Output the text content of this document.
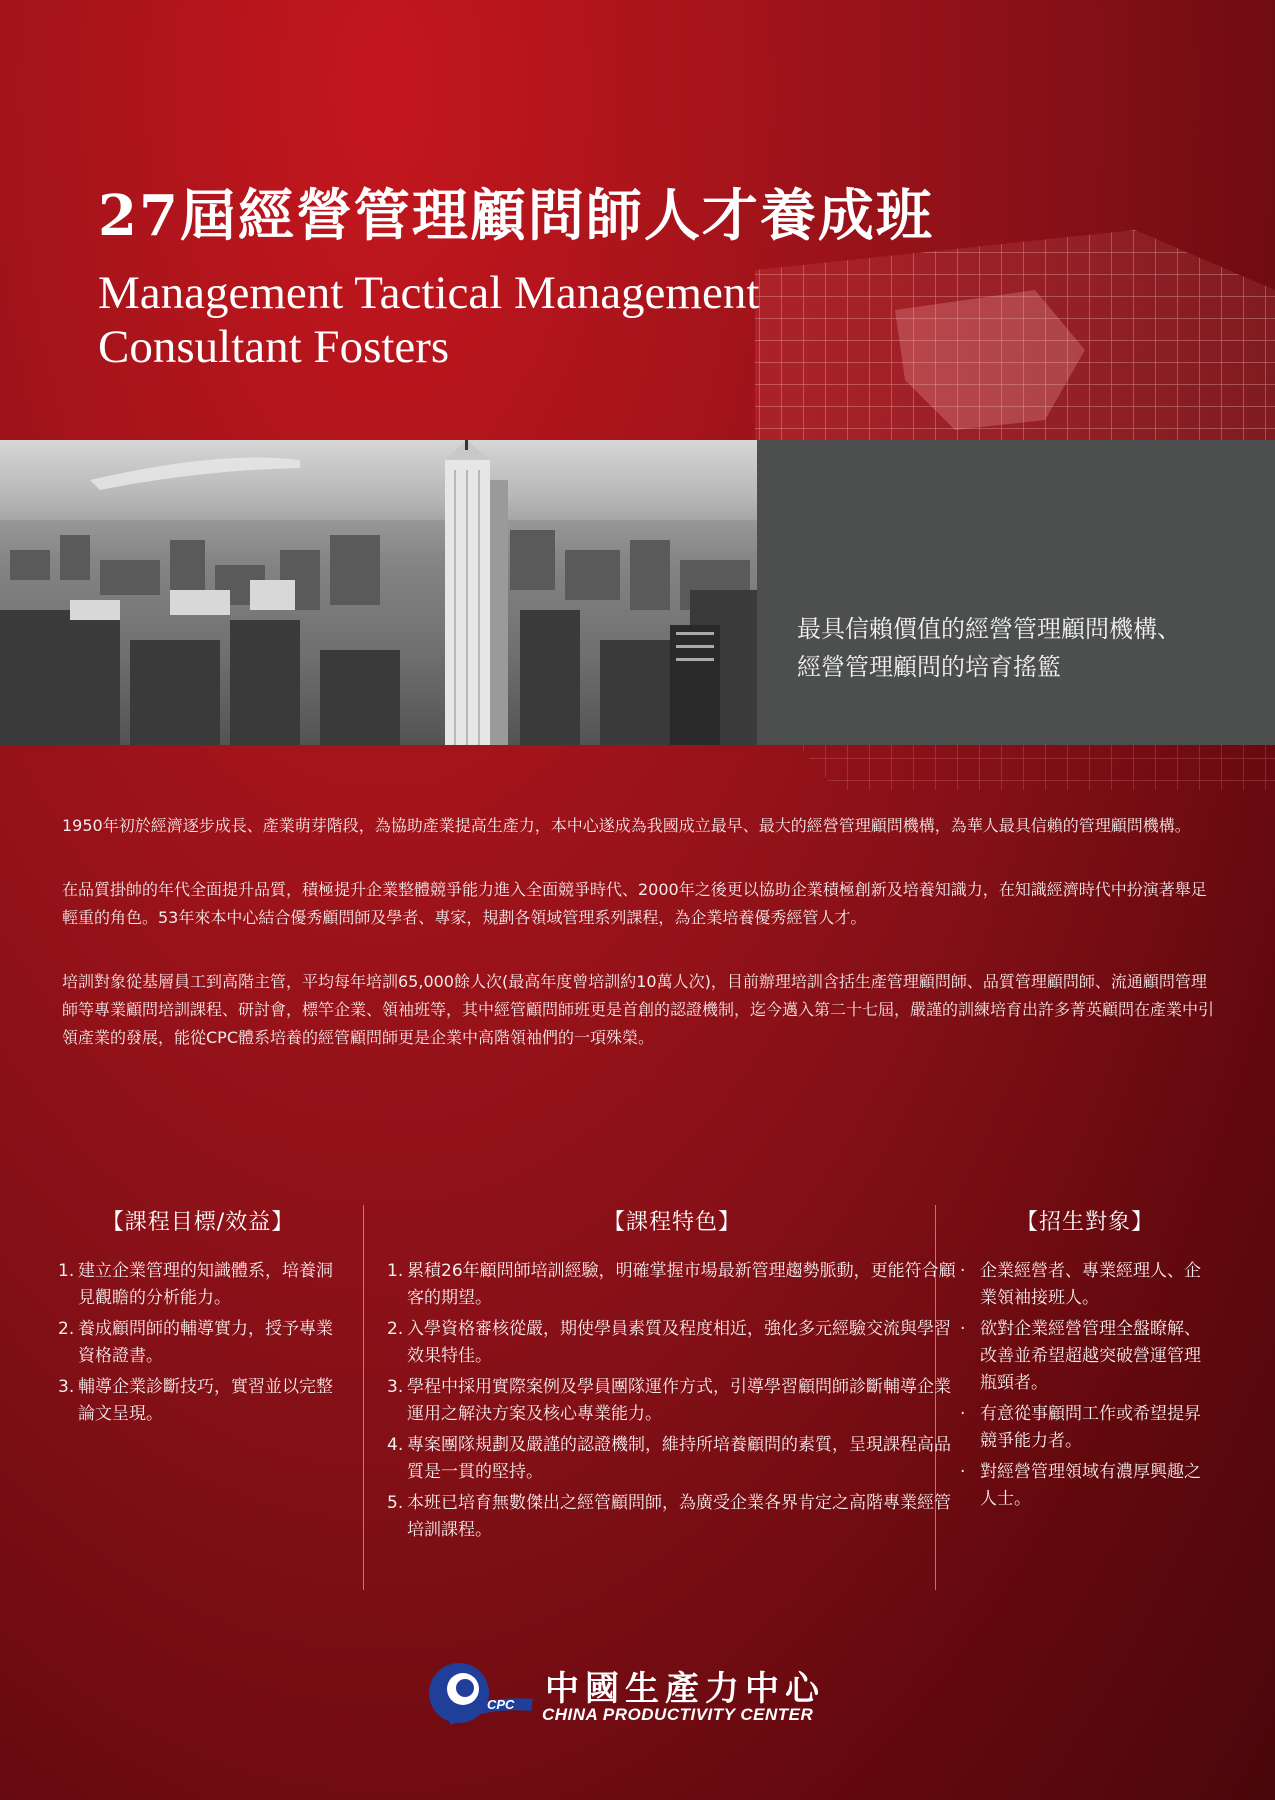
27屆經營管理顧問師人才養成班

Management Tactical Management
Consultant Fosters

最具信賴價值的經營管理顧問機構、

經營管理顧問的培育搖籃

1950年初於經濟逐步成長、產業萌芽階段，為協助產業提高生產力，本中心遂成為我國成立最早、最大的經營管理顧問機構，為華人最具信賴的管理顧問機構。

在品質掛帥的年代全面提升品質，積極提升企業整體競爭能力進入全面競爭時代、2000年之後更以協助企業積極創新及培養知識力，在知識經濟時代中扮演著舉足輕重的角色。53年來本中心結合優秀顧問師及學者、專家，規劃各領域管理系列課程，為企業培養優秀經管人才。

培訓對象從基層員工到高階主管，平均每年培訓65,000餘人次(最高年度曾培訓約10萬人次)，目前辦理培訓含括生產管理顧問師、品質管理顧問師、流通顧問管理師等專業顧問培訓課程、研討會，標竿企業、領袖班等，其中經管顧問師班更是首創的認證機制，迄今邁入第二十七屆，嚴謹的訓練培育出許多菁英顧問在產業中引領產業的發展，能從CPC體系培養的經管顧問師更是企業中高階領袖們的一項殊榮。

【課程目標/效益】
1. 建立企業管理的知識體系，培養洞見觀瞻的分析能力。
2. 養成顧問師的輔導實力，授予專業資格證書。
3. 輔導企業診斷技巧，實習並以完整論文呈現。
【課程特色】
1. 累積26年顧問師培訓經驗，明確掌握市場最新管理趨勢脈動，更能符合顧客的期望。
2. 入學資格審核從嚴，期使學員素質及程度相近，強化多元經驗交流與學習效果特佳。
3. 學程中採用實際案例及學員團隊運作方式，引導學習顧問師診斷輔導企業運用之解決方案及核心專業能力。
4. 專案團隊規劃及嚴謹的認證機制，維持所培養顧問的素質，呈現課程高品質是一貫的堅持。
5. 本班已培育無數傑出之經管顧問師，為廣受企業各界肯定之高階專業經管培訓課程。
【招生對象】
‧ 企業經營者、專業經理人、企業領袖接班人。
‧ 欲對企業經營管理全盤瞭解、改善並希望超越突破營運管理瓶頸者。
‧ 有意從事顧問工作或希望提昇競爭能力者。
‧ 對經營管理領域有濃厚興趣之人士。
CPC 中國生產力中心
CHINA PRODUCTIVITY CENTER
